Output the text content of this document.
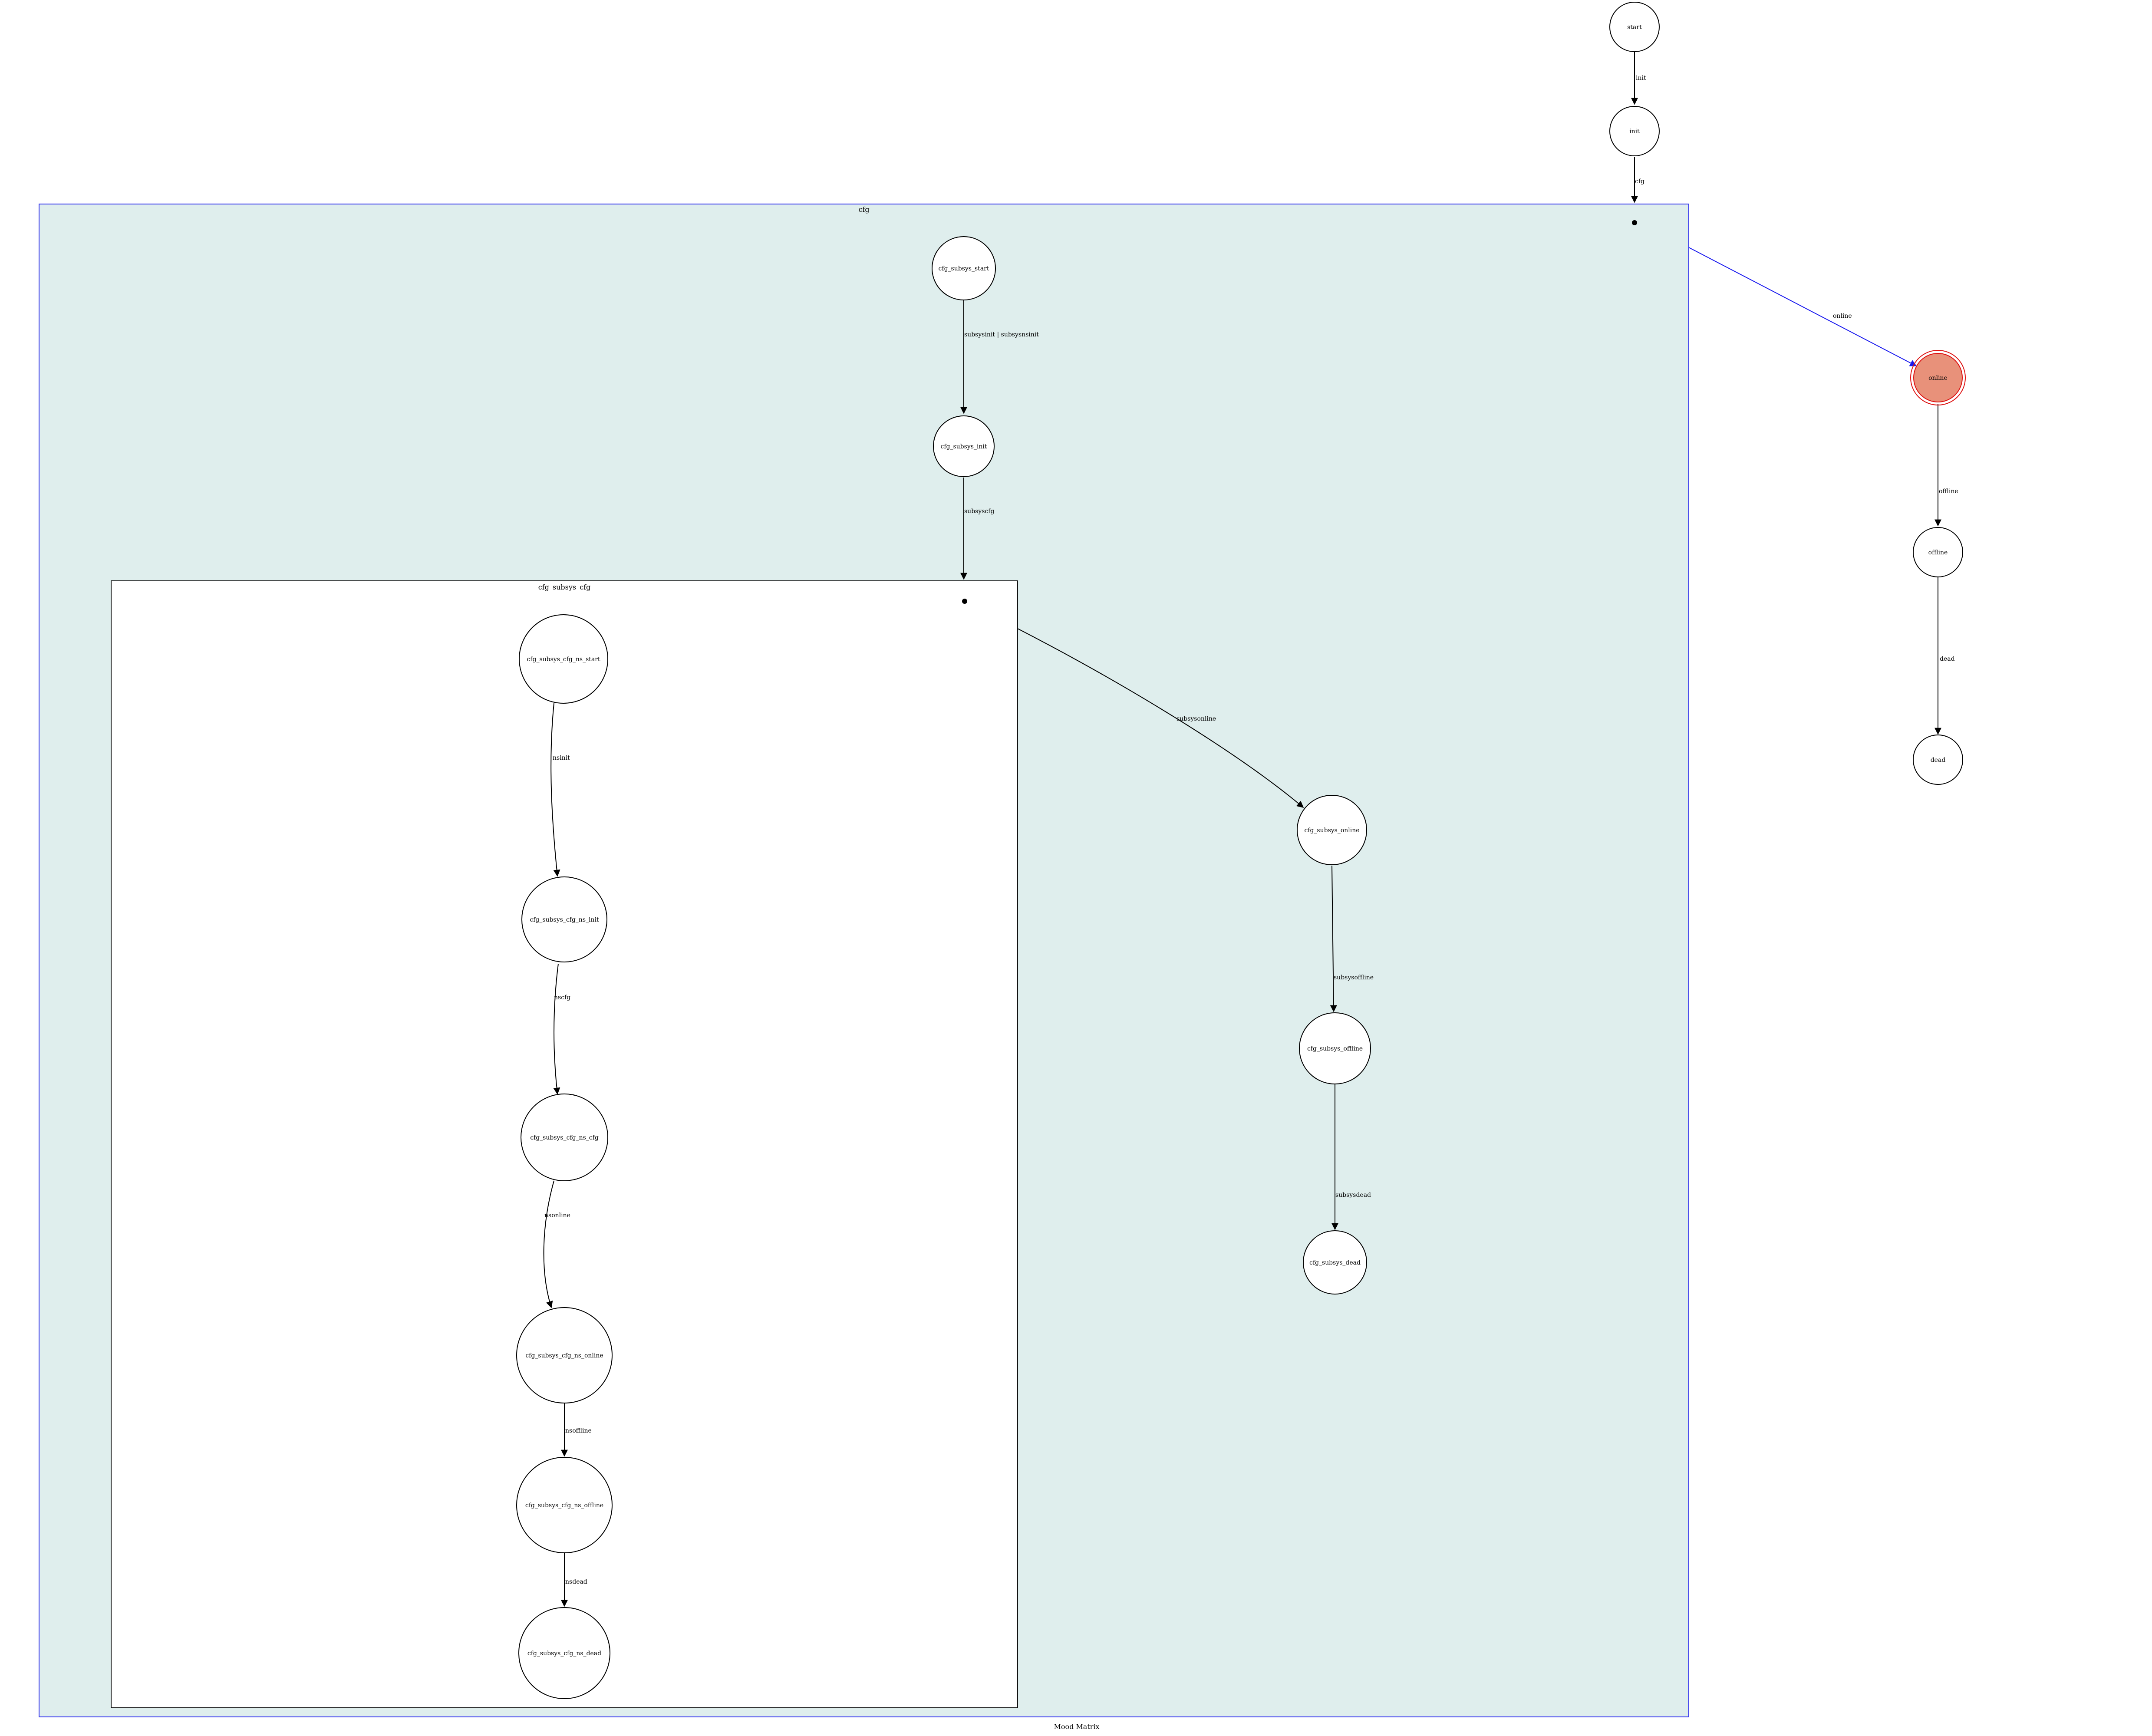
cfg
cfg_subsys_cfg
init
cfg
online
offline
dead
subsysinit | subsysnsinit
subsyscfg
subsysonline
subsysoffline
subsysdead
nsinit
nscfg
nsonline
nsoffline
nsdead
start
init
online
offline
dead
cfg_subsys_start
cfg_subsys_init
cfg_subsys_online
cfg_subsys_offline
cfg_subsys_dead
cfg_subsys_cfg_ns_start
cfg_subsys_cfg_ns_init
cfg_subsys_cfg_ns_cfg
cfg_subsys_cfg_ns_online
cfg_subsys_cfg_ns_offline
cfg_subsys_cfg_ns_dead
Mood Matrix
